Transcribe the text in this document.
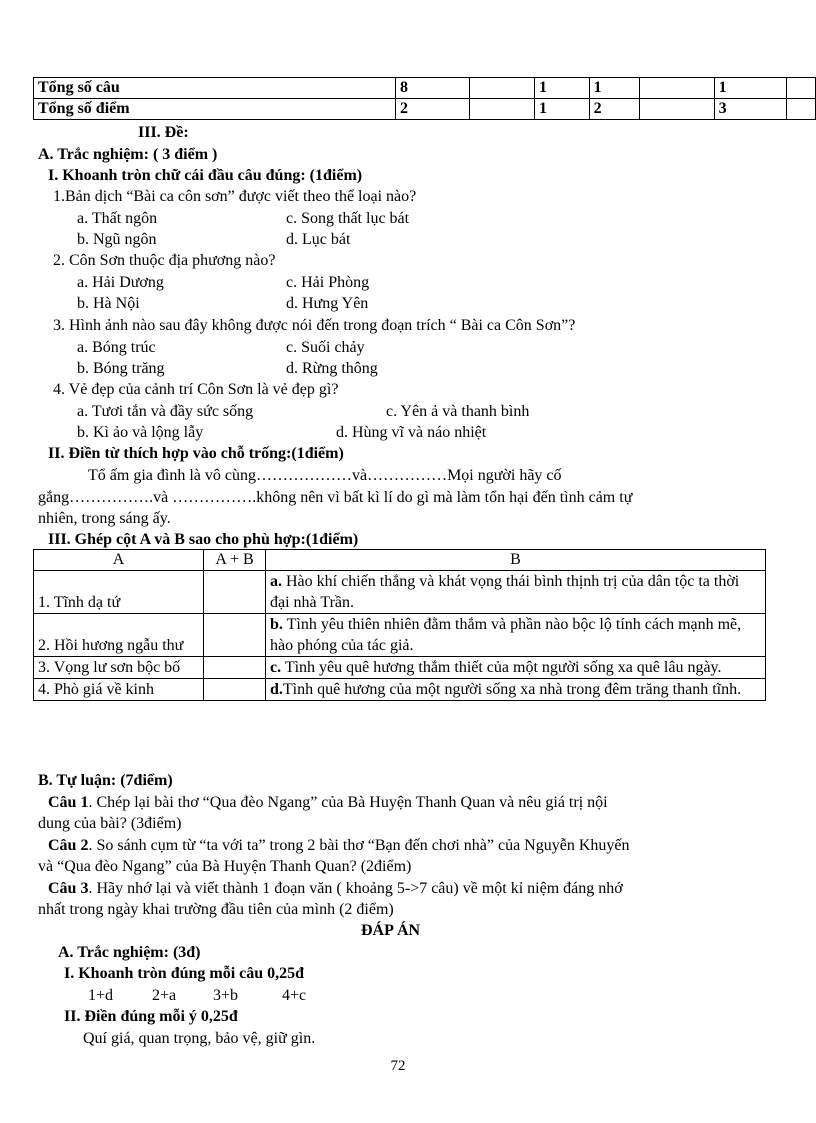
Tổng số câu	8		1	1		1	
Tổng số điểm	2		1	2		3	
III. Đề:
A. Trắc nghiệm: ( 3 điểm )
I. Khoanh tròn chữ cái đầu câu đúng: (1điểm)
1.Bản dịch “Bài ca côn sơn” được viết theo thể loại nào?
a. Thất ngôn	c. Song thất lục bát
b. Ngũ ngôn	d. Lục bát
2. Côn Sơn thuộc địa phương nào?
a. Hải Dương	c. Hải Phòng
b. Hà Nội	d. Hưng Yên
3. Hình ảnh nào sau đây không được nói đến trong đoạn trích “ Bài ca Côn Sơn”?
a. Bóng trúc	c. Suối chảy
b. Bóng trăng	d. Rừng thông
4. Vẻ đẹp của cảnh trí Côn Sơn là vẻ đẹp gì?
a. Tươi tắn và đầy sức sống	c. Yên ả và thanh bình
b. Kì ảo và lộng lẫy	d. Hùng vĩ và náo nhiệt
II. Điền từ thích hợp vào chỗ trống:(1điểm)
Tổ ấm gia đình là vô cùng………………và……………Mọi người hãy cố
gắng…………….và …………….không nên vì bất kì lí do gì mà làm tổn hại đến tình cảm tự
nhiên, trong sáng ấy.
III. Ghép cột A và B sao cho phù hợp:(1điểm)
A	A + B	B
1. Tĩnh dạ tứ		a. Hào khí chiến thắng và khát vọng thái bình thịnh trị của dân tộc ta thời đại nhà Trần.
2. Hồi hương ngẫu thư		b. Tình yêu thiên nhiên đằm thắm và phần nào bộc lộ tính cách mạnh mẽ, hào phóng của tác giả.
3. Vọng lư sơn bộc bố		c. Tình yêu quê hương thắm thiết của một người sống xa quê lâu ngày.
4. Phò giá về kinh		d.Tình quê hương của một người sống xa nhà trong đêm trăng thanh tĩnh.
B. Tự luận: (7điểm)
Câu 1. Chép lại bài thơ “Qua đèo Ngang” của Bà Huyện Thanh Quan và nêu giá trị nội
dung của bài? (3điểm)
Câu 2. So sánh cụm từ “ta với ta” trong 2 bài thơ “Bạn đến chơi nhà” của Nguyễn Khuyến
và “Qua đèo Ngang” của Bà Huyện Thanh Quan? (2điểm)
Câu 3. Hãy nhớ lại và viết thành 1 đoạn văn ( khoảng 5->7 câu) về một kỉ niệm đáng nhớ
nhất trong ngày khai trường đầu tiên của mình (2 điểm)
ĐÁP ÁN
A. Trắc nghiệm: (3đ)
I. Khoanh tròn đúng mỗi câu 0,25đ
1+d 2+a 3+b	4+c
II. Điền đúng mỗi ý 0,25đ
Quí giá, quan trọng, bảo vệ, giữ gìn.
72
